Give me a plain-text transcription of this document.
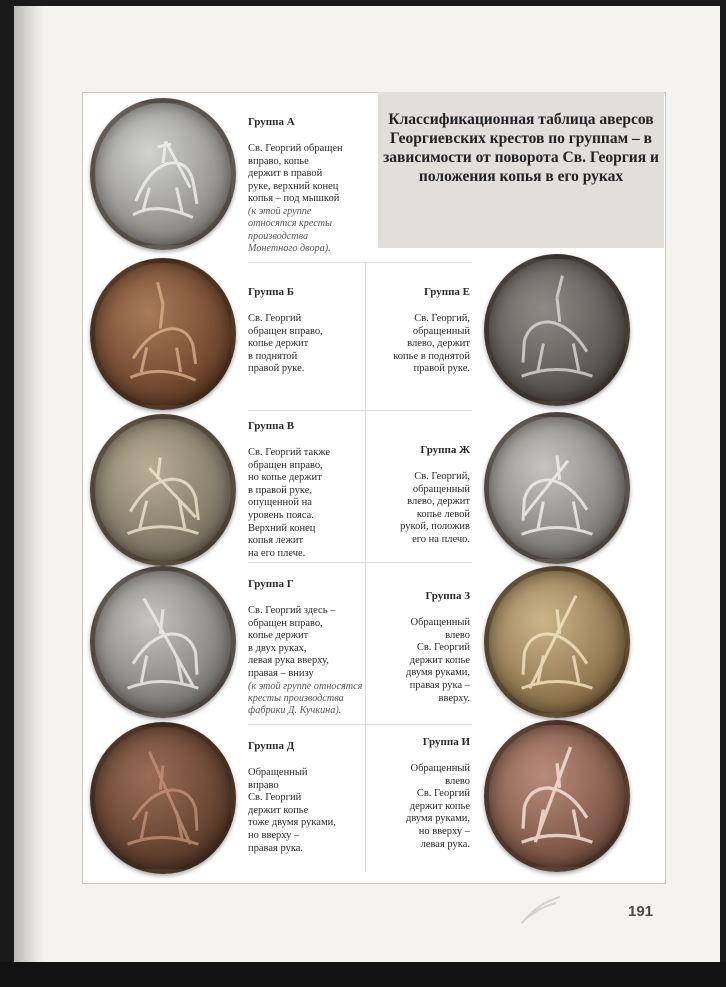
Классификационная таблица аверсов Георгиевских крестов по группам – в зависимости от поворота Св. Георгия и положения копья в его руках

Группа А

Св. Георгий обращен
вправо, копье
держит в правой
руке, верхний конец
копья – под мышкой

(к этой группе
относятся кресты
производства
Монетного двора).

Группа Б

Св. Георгий
обращен вправо,
копье держит
в поднятой
правой руке.

Группа В

Св. Георгий также
обращен вправо,
но копье держит
в правой руке,
опущенной на
уровень пояса.
Верхний конец
копья лежит
на его плече.

Группа Г

Св. Георгий здесь –
обращен вправо,
копье держит
в двух руках,
левая рука вверху,
правая – внизу

(к этой группе относятся
кресты производства
фабрики Д. Кучкина).

Группа Д

Обращенный
вправо
Св. Георгий
держит копье
тоже двумя руками,
но вверху –
правая рука.

Группа Е

Св. Георгий,
обращенный
влево, держит
копье в поднятой
правой руке.

Группа Ж

Св. Георгий,
обращенный
влево, держит
копье левой
рукой, положив
его на плечо.

Группа З

Обращенный
влево
Св. Георгий
держит копье
двумя руками,
правая рука –
вверху.

Группа И

Обращенный
влево
Св. Георгий
держит копье
двумя руками,
но вверху –
левая рука.

191
